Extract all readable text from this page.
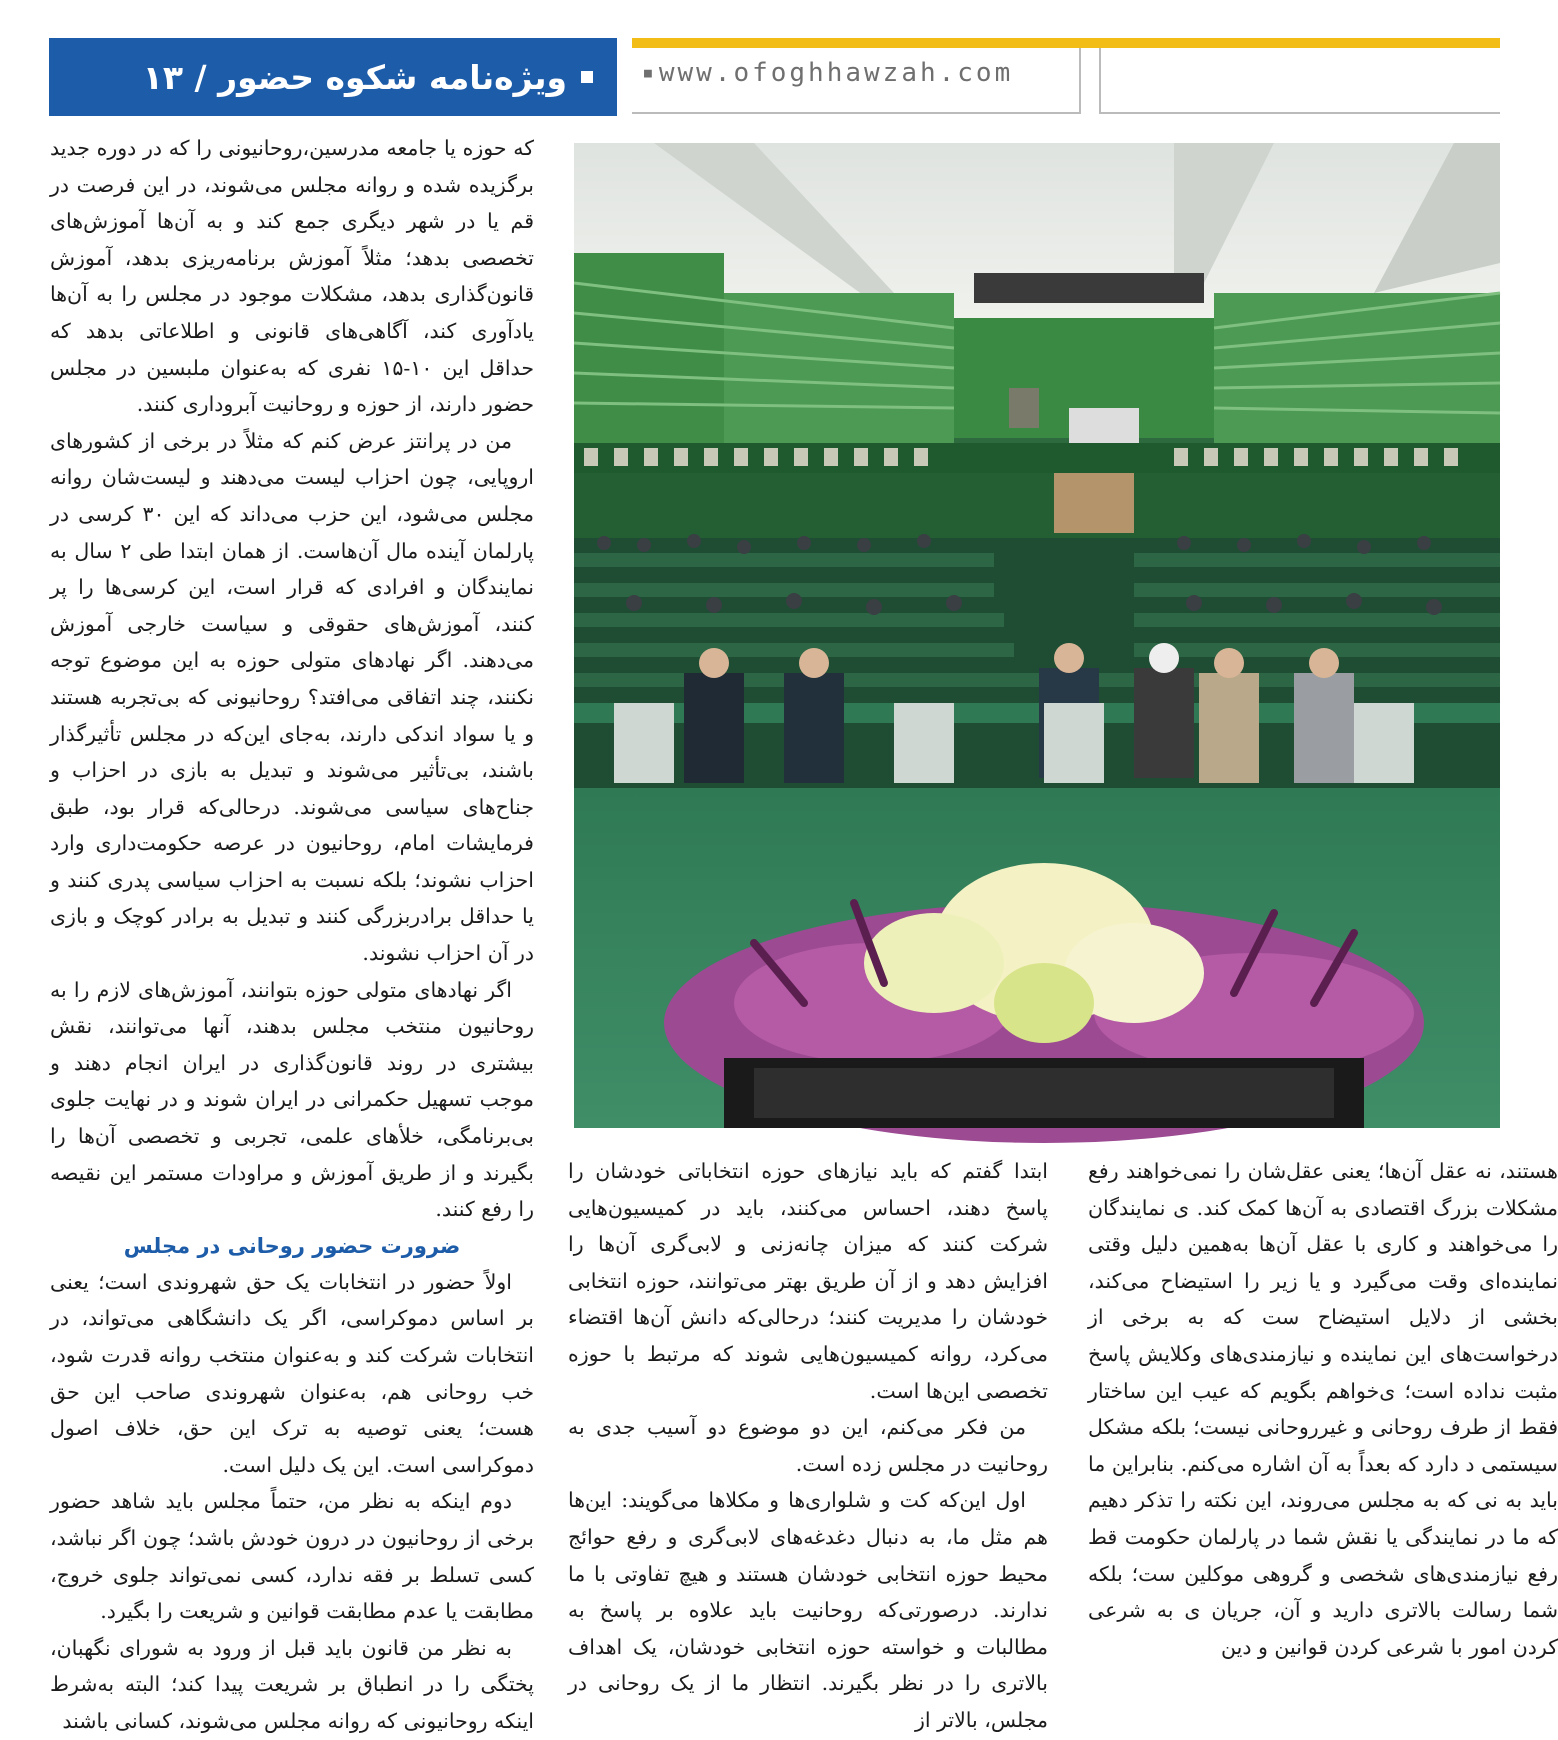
ویژه‌نامه شکوه حضور / ۱۳
■	www.ofoghhawzah.com

که حوزه یا جامعه مدرسین،روحانیونی را که در دوره جدید برگزیده شده و روانه مجلس می‌شوند، در این فرصت در قم یا در شهر دیگری جمع کند و به آن‌ها آموزش‌های تخصصی بدهد؛ مثلاً آموزش برنامه‌ریزی بدهد، آموزش قانون‌گذاری بدهد، مشکلات موجود در مجلس را به آن‌ها یادآوری کند، آگاهی‌های قانونی و اطلاعاتی بدهد که حداقل این ۱۰-۱۵ نفری که به‌عنوان ملبسین در مجلس حضور دارند، از حوزه و روحانیت آبروداری کنند.

من در پرانتز عرض کنم که مثلاً در برخی از کشورهای اروپایی، چون احزاب لیست می‌دهند و لیست‌شان روانه مجلس می‌شود، این حزب می‌داند که این ۳۰ کرسی در پارلمان آینده مال آن‌هاست. از همان ابتدا طی ۲ سال به نمایندگان و افرادی که قرار است، این کرسی‌ها را پر کنند، آموزش‌های حقوقی و سیاست خارجی آموزش می‌دهند. اگر نهادهای متولی حوزه به این موضوع توجه نکنند، چند اتفاقی می‌افتد؟ روحانیونی که بی‌تجربه هستند و یا سواد اندکی دارند، به‌جای این‌که در مجلس تأثیرگذار باشند، بی‌تأثیر می‌شوند و تبدیل به بازی در احزاب و جناح‌های سیاسی می‌شوند. درحالی‌که قرار بود، طبق فرمایشات امام، روحانیون در عرصه حکومت‌داری وارد احزاب نشوند؛ بلکه نسبت به احزاب سیاسی پدری کنند و یا حداقل برادربزرگی کنند و تبدیل به برادر کوچک و بازی در آن احزاب نشوند.

اگر نهادهای متولی حوزه بتوانند، آموزش‌های لازم را به روحانیون منتخب مجلس بدهند، آنها می‌توانند، نقش بیشتری در روند قانون‌گذاری در ایران انجام دهند و موجب تسهیل حکمرانی در ایران شوند و در نهایت جلوی بی‌برنامگی، خلأهای علمی، تجربی و تخصصی آن‌ها را بگیرند و از طریق آموزش و مراودات مستمر این نقیصه را رفع کنند.

ضرورت حضور روحانی در مجلس

اولاً حضور در انتخابات یک حق شهروندی است؛ یعنی بر اساس دموکراسی، اگر یک دانشگاهی می‌تواند، در انتخابات شرکت کند و به‌عنوان منتخب روانه قدرت شود، خب روحانی هم، به‌عنوان شهروندی صاحب این حق هست؛ یعنی توصیه به ترک این حق، خلاف اصول دموکراسی است. این یک دلیل است.

دوم اینکه به نظر من، حتماً مجلس باید شاهد حضور برخی از روحانیون در درون خودش باشد؛ چون اگر نباشد، کسی تسلط بر فقه ندارد، کسی نمی‌تواند جلوی خروج، مطابقت یا عدم مطابقت قوانین و شریعت را بگیرد.

به نظر من قانون باید قبل از ورود به شورای نگهبان، پختگی را در انطباق بر شریعت پیدا کند؛ البته به‌شرط اینکه روحانیونی که روانه مجلس می‌شوند، کسانی باشند

ابتدا گفتم که باید نیازهای حوزه انتخاباتی خودشان را پاسخ دهند، احساس می‌کنند، باید در کمیسیون‌هایی شرکت کنند که میزان چانه‌زنی و لابی‌گری آن‌ها را افزایش دهد و از آن طریق بهتر می‌توانند، حوزه انتخابی خودشان را مدیریت کنند؛ درحالی‌که دانش آن‌ها اقتضاء می‌کرد، روانه کمیسیون‌هایی شوند که مرتبط با حوزه تخصصی این‌ها است.

من فکر می‌کنم، این دو موضوع دو آسیب جدی به روحانیت در مجلس زده است.

اول این‌که کت و شلواری‌ها و مکلاها می‌گویند: این‌ها هم مثل ما، به دنبال دغدغه‌های لابی‌گری و رفع حوائج محیط حوزه انتخابی خودشان هستند و هیچ تفاوتی با ما ندارند. درصورتی‌که روحانیت باید علاوه بر پاسخ به مطالبات و خواسته حوزه انتخابی خودشان، یک اهداف بالاتری را در نظر بگیرند. انتظار ما از یک روحانی در مجلس، بالاتر از

هستند، نه عقل آن‌ها؛ یعنی عقل‌شان را نمی‌خواهند رفع مشکلات بزرگ اقتصادی به آن‌ها کمک کند. ی نمایندگان را می‌خواهند و کاری با عقل آن‌ها به‌همین دلیل وقتی نماینده‌ای وقت می‌گیرد و یا زیر را استیضاح می‌کند، بخشی از دلایل استیضاح ست که به برخی از درخواست‌های این نماینده و نیازمندی‌های وکلایش پاسخ مثبت نداده است؛ ی‌خواهم بگویم که عیب این ساختار فقط از طرف روحانی و غیرروحانی نیست؛ بلکه مشکل سیستمی د دارد که بعداً به آن اشاره می‌کنم. بنابراین ما باید به نی که به مجلس می‌روند، این نکته را تذکر دهیم که ما در نمایندگی یا نقش شما در پارلمان حکومت قط رفع نیازمندی‌های شخصی و گروهی موکلین ست؛ بلکه شما رسالت بالاتری دارید و آن، جریان ی به شرعی کردن امور با شرعی کردن قوانین و دین
